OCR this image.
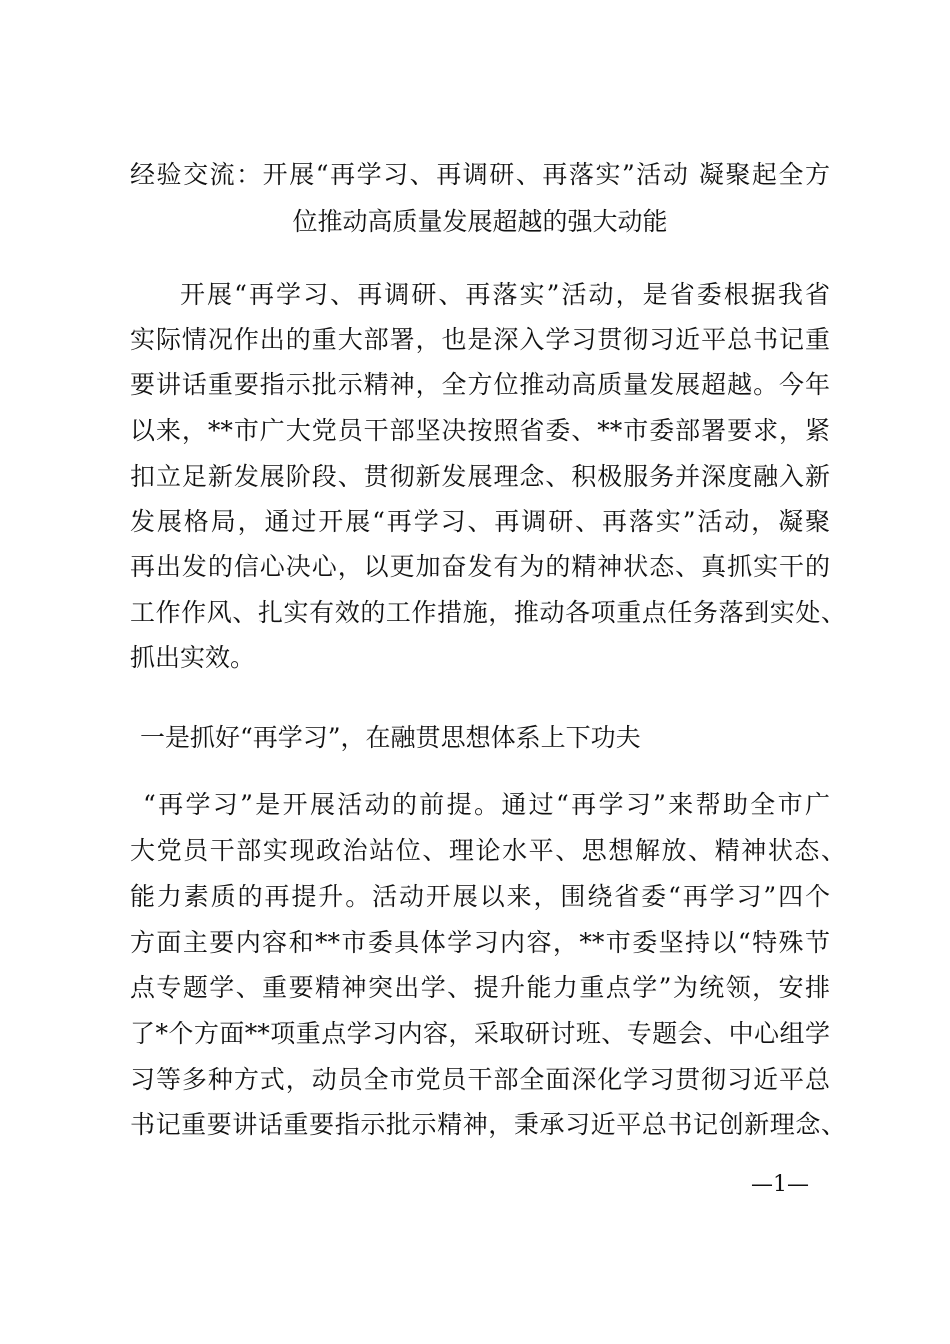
经验交流：开展“再学习、再调研、再落实”活动 凝聚起全方
位推动高质量发展超越的强大动能
开展“再学习、再调研、再落实”活动，是省委根据我省
实际情况作出的重大部署，也是深入学习贯彻习近平总书记重
要讲话重要指示批示精神，全方位推动高质量发展超越。今年
以来，**市广大党员干部坚决按照省委、**市委部署要求，紧
扣立足新发展阶段、贯彻新发展理念、积极服务并深度融入新
发展格局，通过开展“再学习、再调研、再落实”活动，凝聚
再出发的信心决心，以更加奋发有为的精神状态、真抓实干的
工作作风、扎实有效的工作措施，推动各项重点任务落到实处、
抓出实效。
一是抓好“再学习”，在融贯思想体系上下功夫
“再学习”是开展活动的前提。通过“再学习”来帮助全市广
大党员干部实现政治站位、理论水平、思想解放、精神状态、
能力素质的再提升。活动开展以来，围绕省委“再学习”四个
方面主要内容和**市委具体学习内容，**市委坚持以“特殊节
点专题学、重要精神突出学、提升能力重点学”为统领，安排
了*个方面**项重点学习内容，采取研讨班、专题会、中心组学
习等多种方式，动员全市党员干部全面深化学习贯彻习近平总
书记重要讲话重要指示批示精神，秉承习近平总书记创新理念、
—1—
